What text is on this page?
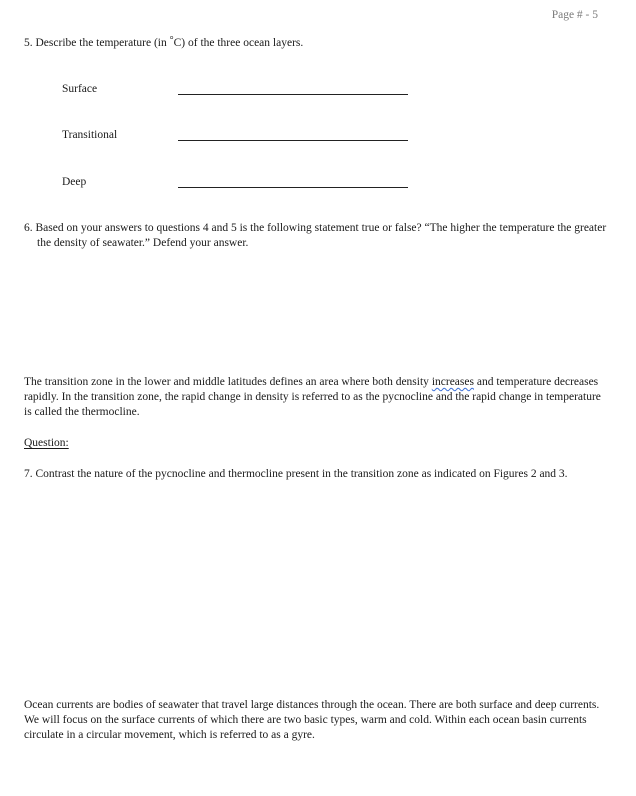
Page # - 5
5. Describe the temperature (in °C) of the three ocean layers.
Surface
Transitional
Deep
6. Based on your answers to questions 4 and 5 is the following statement true or false? “The higher the temperature the greater the density of seawater.” Defend your answer.
The transition zone in the lower and middle latitudes defines an area where both density increases and temperature decreases rapidly. In the transition zone, the rapid change in density is referred to as the pycnocline and the rapid change in temperature is called the thermocline.
Question:
7. Contrast the nature of the pycnocline and thermocline present in the transition zone as indicated on Figures 2 and 3.
Ocean currents are bodies of seawater that travel large distances through the ocean. There are both surface and deep currents. We will focus on the surface currents of which there are two basic types, warm and cold. Within each ocean basin currents circulate in a circular movement, which is referred to as a gyre.
